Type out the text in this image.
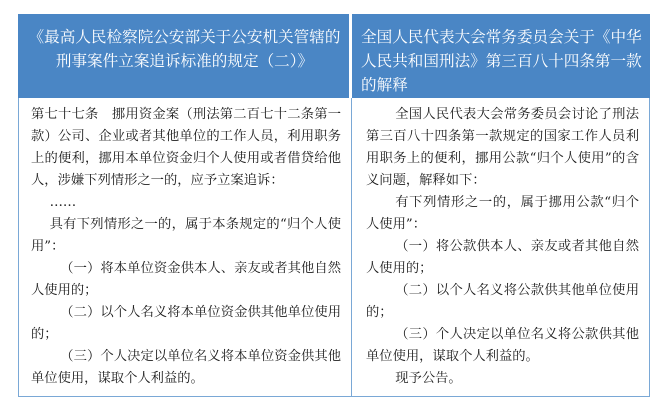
《最高人民检察院公安部关于公安机关管辖的刑事案件立案追诉标准的规定（二）》
全国人民代表大会常务委员会关于《中华人民共和国刑法》第三百八十四条第一款的解释

第七十七条　挪用资金案（刑法第二百七十二条第一款）公司、企业或者其他单位的工作人员，利用职务上的便利，挪用本单位资金归个人使用或者借贷给他人，涉嫌下列情形之一的，应予立案追诉：

……

具有下列情形之一的，属于本条规定的“归个人使用”：

（一）将本单位资金供本人、亲友或者其他自然人使用的；

（二）以个人名义将本单位资金供其他单位使用的；

（三）个人决定以单位名义将本单位资金供其他单位使用，谋取个人利益的。

全国人民代表大会常务委员会讨论了刑法第三百八十四条第一款规定的国家工作人员利用职务上的便利，挪用公款“归个人使用”的含义问题，解释如下：

有下列情形之一的，属于挪用公款“归个人使用”：

（一）将公款供本人、亲友或者其他自然人使用的；

（二）以个人名义将公款供其他单位使用的；

（三）个人决定以单位名义将公款供其他单位使用，谋取个人利益的。

现予公告。
